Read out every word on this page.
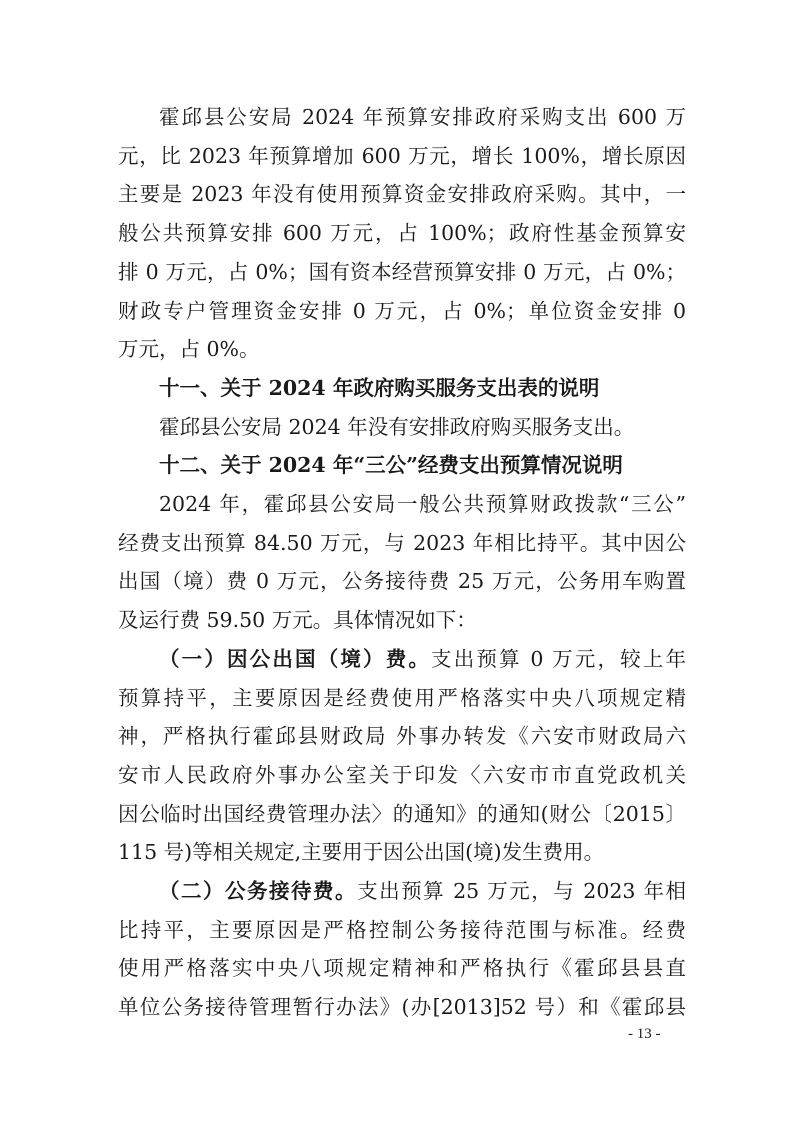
霍邱县公安局 2024 年预算安排政府采购支出 600 万

元，比 2023 年预算增加 600 万元，增长 100%，增长原因

主要是 2023 年没有使用预算资金安排政府采购。其中，一

般公共预算安排 600 万元，占 100%；政府性基金预算安

排 0 万元，占 0%；国有资本经营预算安排 0 万元，占 0%；

财政专户管理资金安排 0 万元，占 0%；单位资金安排 0

万元，占 0%。

十一、关于 2024 年政府购买服务支出表的说明

霍邱县公安局 2024 年没有安排政府购买服务支出。

十二、关于 2024 年“三公”经费支出预算情况说明

2024 年，霍邱县公安局一般公共预算财政拨款“三公”

经费支出预算 84.50 万元，与 2023 年相比持平。其中因公

出国（境）费 0 万元，公务接待费 25 万元，公务用车购置

及运行费 59.50 万元。具体情况如下：

（一）因公出国（境）费。支出预算 0 万元，较上年

预算持平，主要原因是经费使用严格落实中央八项规定精

神，严格执行霍邱县财政局 外事办转发《六安市财政局六

安市人民政府外事办公室关于印发〈六安市市直党政机关

因公临时出国经费管理办法〉的通知》的通知(财公〔2015〕

115 号)等相关规定,主要用于因公出国(境)发生费用。

（二）公务接待费。支出预算 25 万元，与 2023 年相

比持平，主要原因是严格控制公务接待范围与标准。经费

使用严格落实中央八项规定精神和严格执行《霍邱县县直

单位公务接待管理暂行办法》(办[2013]52 号）和《霍邱县

- 13 -
